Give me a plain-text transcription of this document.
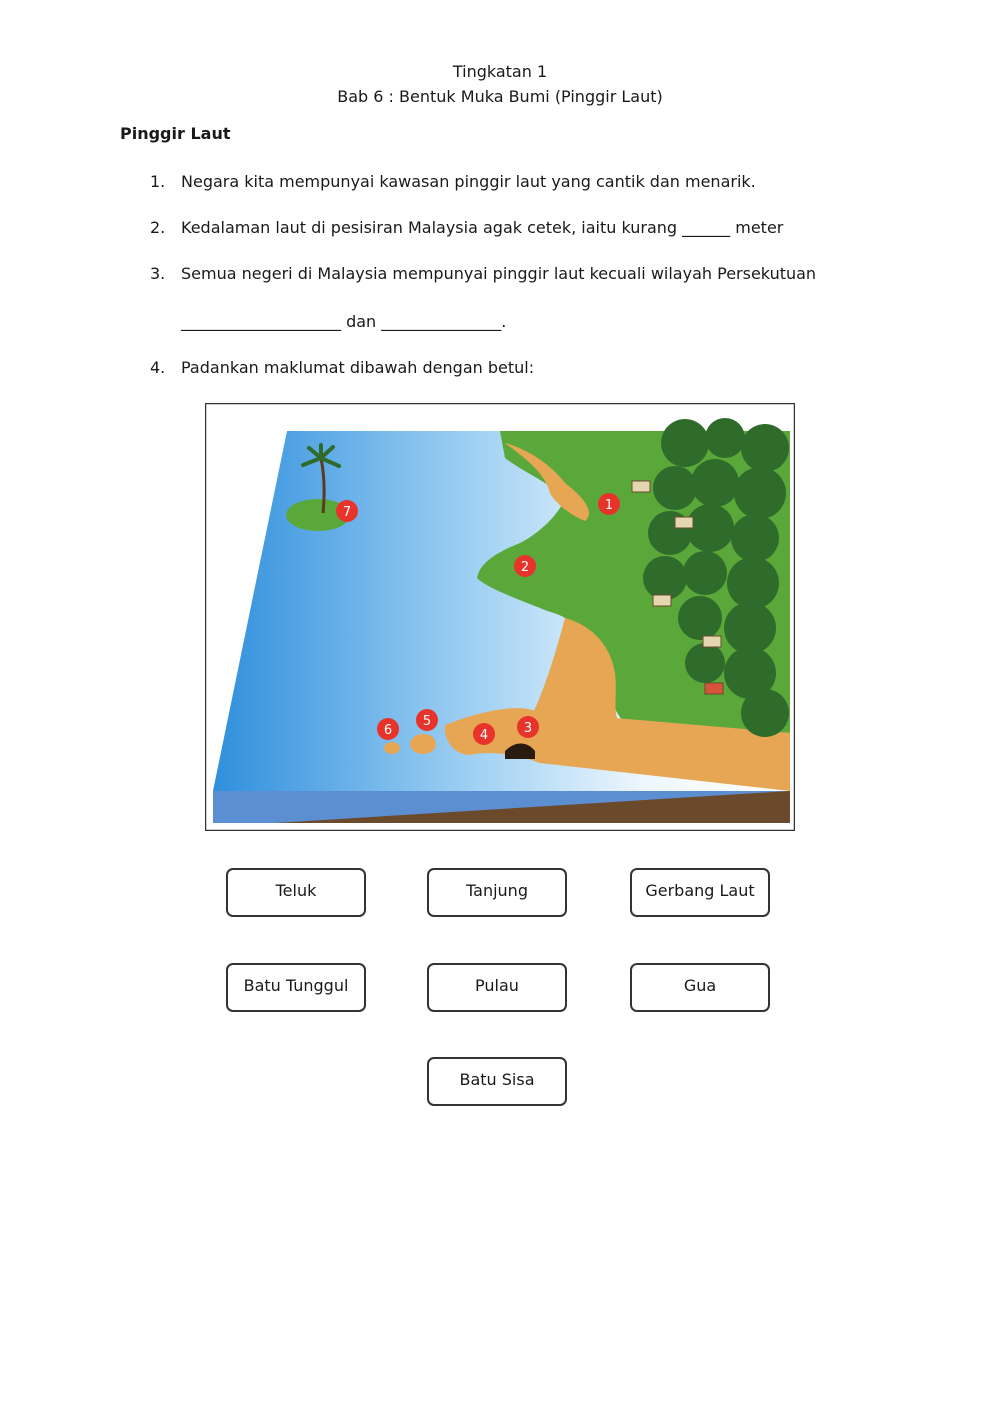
Tingkatan 1
Bab 6 : Bentuk Muka Bumi (Pinggir Laut)
Pinggir Laut
1. Negara kita mempunyai kawasan pinggir laut yang cantik dan menarik.
2. Kedalaman laut di pesisiran Malaysia agak cetek, iaitu kurang ______ meter
3. Semua negeri di Malaysia mempunyai pinggir laut kecuali wilayah Persekutuan
____________________ dan _______________.
4. Padankan maklumat dibawah dengan betul:
1
2
3
4
5
6
7
Teluk	Tanjung	Gerbang Laut
Batu Tunggul	Pulau	Gua
Batu Sisa
